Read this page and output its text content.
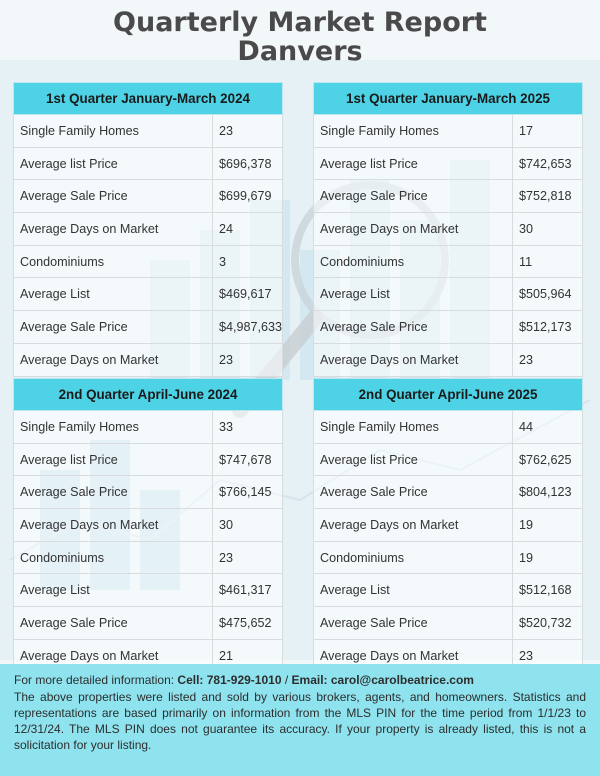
Quarterly Market Report
Danvers
1st Quarter January-March 2024
Single Family Homes	23
Average list Price	$696,378
Average Sale Price	$699,679
Average Days on Market	24
Condominiums	3
Average List	$469,617
Average Sale Price	$4,987,633
Average Days on Market	23
1st Quarter January-March 2025
Single Family Homes	17
Average list Price	$742,653
Average Sale Price	$752,818
Average Days on Market	30
Condominiums	11
Average List	$505,964
Average Sale Price	$512,173
Average Days on Market	23
2nd Quarter April-June 2024
Single Family Homes	33
Average list Price	$747,678
Average Sale Price	$766,145
Average Days on Market	30
Condominiums	23
Average List	$461,317
Average Sale Price	$475,652
Average Days on Market	21
2nd Quarter April-June 2025
Single Family Homes	44
Average list Price	$762,625
Average Sale Price	$804,123
Average Days on Market	19
Condominiums	19
Average List	$512,168
Average Sale Price	$520,732
Average Days on Market	23
For more detailed information: Cell: 781-929-1010 / Email: carol@carolbeatrice.com
The above properties were listed and sold by various brokers, agents, and homeowners. Statistics and representations are based primarily on information from the MLS PIN for the time period from 1/1/23 to 12/31/24. The MLS PIN does not guarantee its accuracy. If your property is already listed, this is not a solicitation for your listing.
